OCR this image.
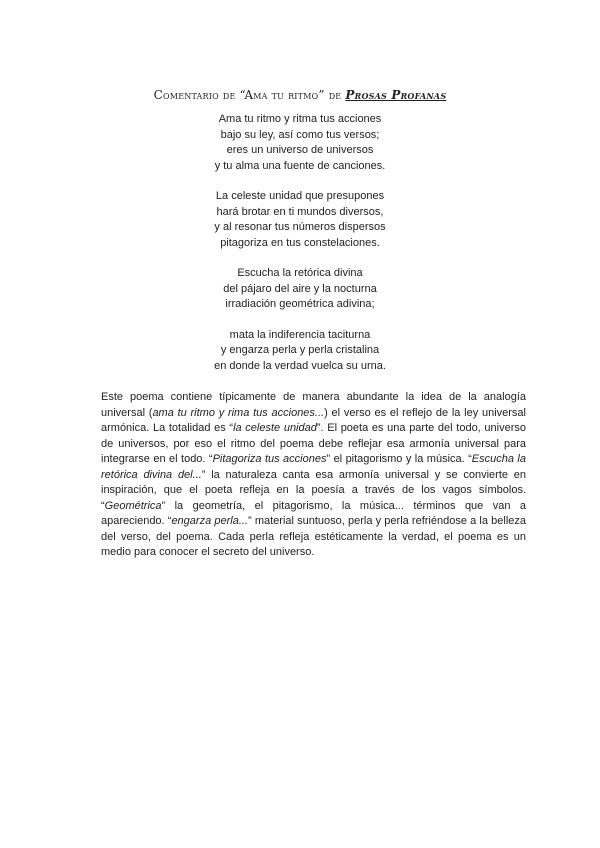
Comentario de “Ama tu ritmo” de Prosas Profanas
Ama tu ritmo y ritma tus acciones
bajo su ley, así como tus versos;
eres un universo de universos
y tu alma una fuente de canciones.
La celeste unidad que presupones
hará brotar en ti mundos diversos,
y al resonar tus números dispersos
pitagoriza en tus constelaciones.
Escucha la retórica divina
del pájaro del aire y la nocturna
irradiación geométrica adivina;
mata la indiferencia taciturna
y engarza perla y perla cristalina
en donde la verdad vuelca su urna.
Este poema contiene típicamente de manera abundante la idea de la analogía universal (ama tu ritmo y rima tus acciones...) el verso es el reflejo de la ley universal armónica. La totalidad es “la celeste unidad”. El poeta es una parte del todo, universo de universos, por eso el ritmo del poema debe reflejar esa armonía universal para integrarse en el todo. “Pitagoriza tus acciones” el pitagorismo y la música. “Escucha la retórica divina del...” la naturaleza canta esa armonía universal y se convierte en inspiración, que el poeta refleja en la poesía a través de los vagos símbolos. “Geométrica” la geometría, el pitagorismo, la música... términos que van a apareciendo. “engarza perla...” material suntuoso, perla y perla refriéndose a la belleza del verso, del poema. Cada perla refleja estéticamente la verdad, el poema es un medio para conocer el secreto del universo.
